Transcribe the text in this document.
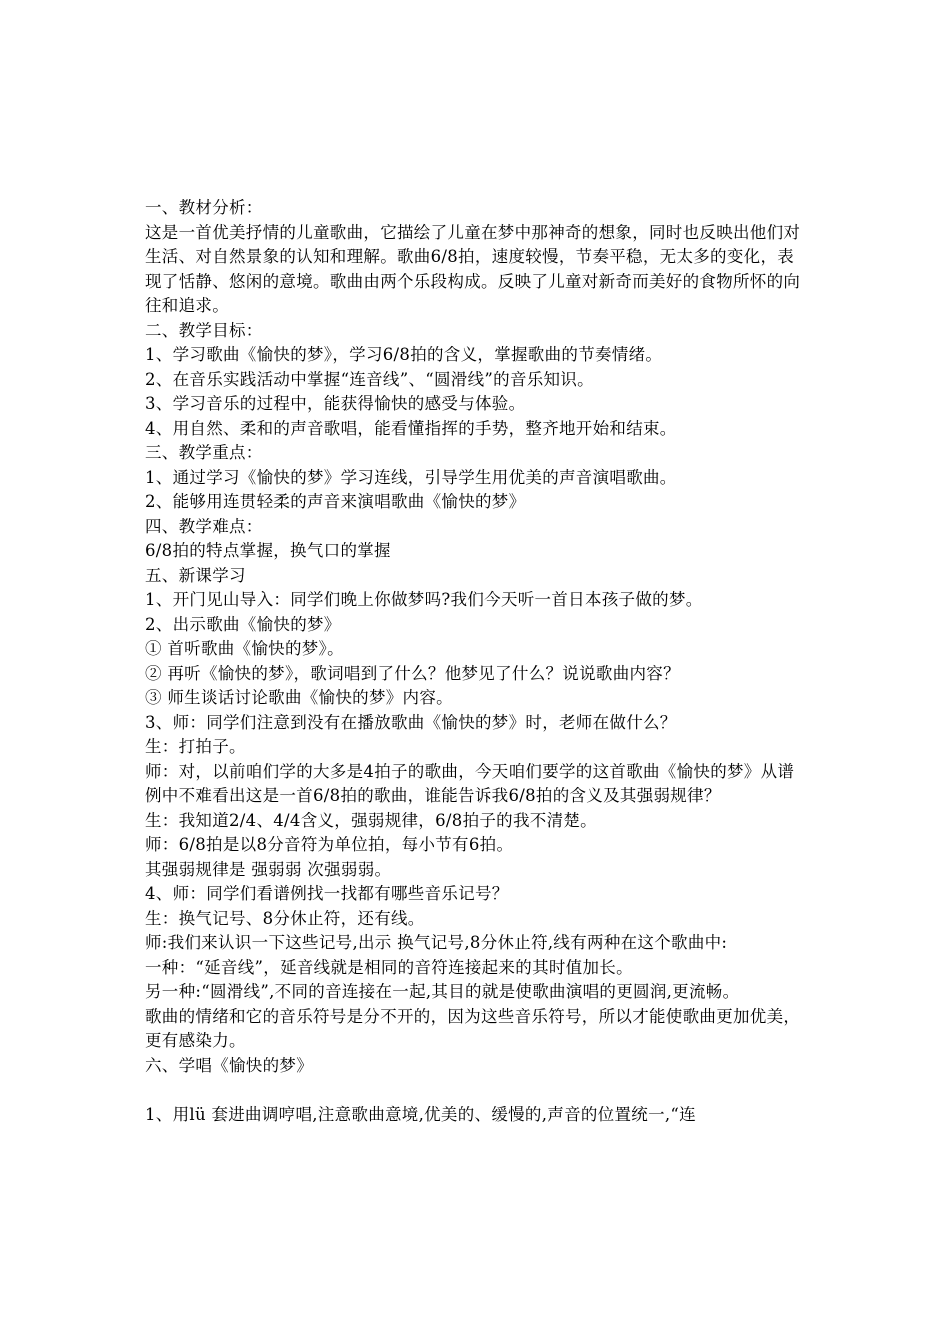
一、教材分析：
这是一首优美抒情的儿童歌曲，它描绘了儿童在梦中那神奇的想象，同时也反映出他们对生活、对自然景象的认知和理解。歌曲6/8拍，速度较慢，节奏平稳，无太多的变化，表现了恬静、悠闲的意境。歌曲由两个乐段构成。反映了儿童对新奇而美好的食物所怀的向往和追求。
二、教学目标：
1、学习歌曲《愉快的梦》，学习6/8拍的含义，掌握歌曲的节奏情绪。
2、在音乐实践活动中掌握“连音线”、“圆滑线”的音乐知识。
3、学习音乐的过程中，能获得愉快的感受与体验。
4、用自然、柔和的声音歌唱，能看懂指挥的手势，整齐地开始和结束。
三、教学重点：
1、通过学习《愉快的梦》学习连线，引导学生用优美的声音演唱歌曲。
2、能够用连贯轻柔的声音来演唱歌曲《愉快的梦》
四、教学难点：
6/8拍的特点掌握，换气口的掌握
五、新课学习
1、开门见山导入：同学们晚上你做梦吗?我们今天听一首日本孩子做的梦。
2、出示歌曲《愉快的梦》
① 首听歌曲《愉快的梦》。
② 再听《愉快的梦》，歌词唱到了什么？他梦见了什么？说说歌曲内容？
③ 师生谈话讨论歌曲《愉快的梦》内容。
3、师：同学们注意到没有在播放歌曲《愉快的梦》时，老师在做什么？
生：打拍子。
师：对，以前咱们学的大多是4拍子的歌曲，今天咱们要学的这首歌曲《愉快的梦》从谱例中不难看出这是一首6/8拍的歌曲，谁能告诉我6/8拍的含义及其强弱规律？
生：我知道2/4、4/4含义，强弱规律，6/8拍子的我不清楚。
师：6/8拍是以8分音符为单位拍，每小节有6拍。
其强弱规律是 强弱弱 次强弱弱。
4、师：同学们看谱例找一找都有哪些音乐记号？
生：换气记号、8分休止符，还有线。
师:我们来认识一下这些记号,出示 换气记号,8分休止符,线有两种在这个歌曲中:
一种：“延音线”，延音线就是相同的音符连接起来的其时值加长。
另一种:“圆滑线”,不同的音连接在一起,其目的就是使歌曲演唱的更圆润,更流畅。
歌曲的情绪和它的音乐符号是分不开的，因为这些音乐符号，所以才能使歌曲更加优美，更有感染力。
六、学唱《愉快的梦》
1、用lü 套进曲调哼唱,注意歌曲意境,优美的、缓慢的,声音的位置统一,“连
